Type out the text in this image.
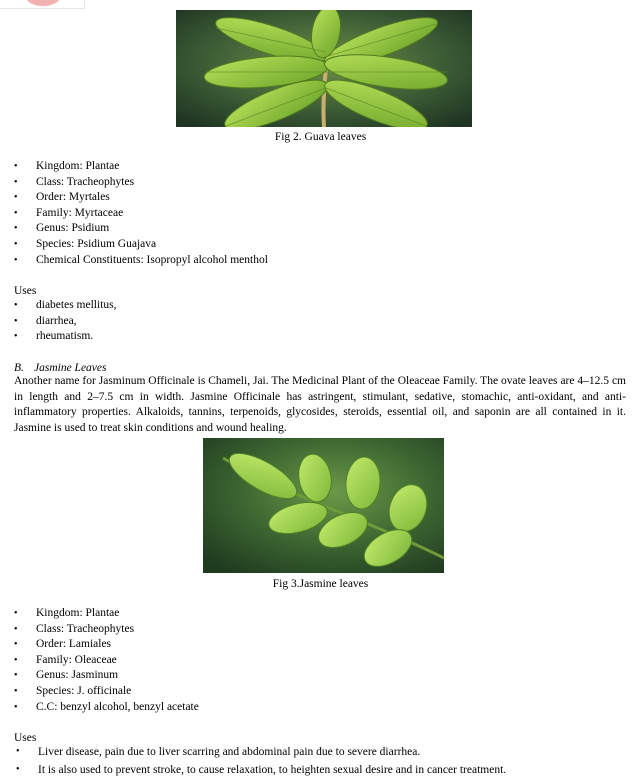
Fig 2. Guava leaves
• Kingdom: Plantae
• Class: Tracheophytes
• Order: Myrtales
• Family: Myrtaceae
• Genus: Psidium
• Species: Psidium Guajava
• Chemical Constituents: Isopropyl alcohol menthol
Uses
• diabetes mellitus,
• diarrhea,
• rheumatism.
B. Jasmine Leaves
Another name for Jasminum Officinale is Chameli, Jai. The Medicinal Plant of the Oleaceae Family. The ovate leaves are 4–12.5 cm in length and 2–7.5 cm in width. Jasmine Officinale has astringent, stimulant, sedative, stomachic, anti-oxidant, and anti-inflammatory properties. Alkaloids, tannins, terpenoids, glycosides, steroids, essential oil, and saponin are all contained in it. Jasmine is used to treat skin conditions and wound healing.
Fig 3.Jasmine leaves
• Kingdom: Plantae
• Class: Tracheophytes
• Order: Lamiales
• Family: Oleaceae
• Genus: Jasminum
• Species: J. officinale
• C.C: benzyl alcohol, benzyl acetate
Uses
• Liver disease, pain due to liver scarring and abdominal pain due to severe diarrhea.
• It is also used to prevent stroke, to cause relaxation, to heighten sexual desire and in cancer treatment.
